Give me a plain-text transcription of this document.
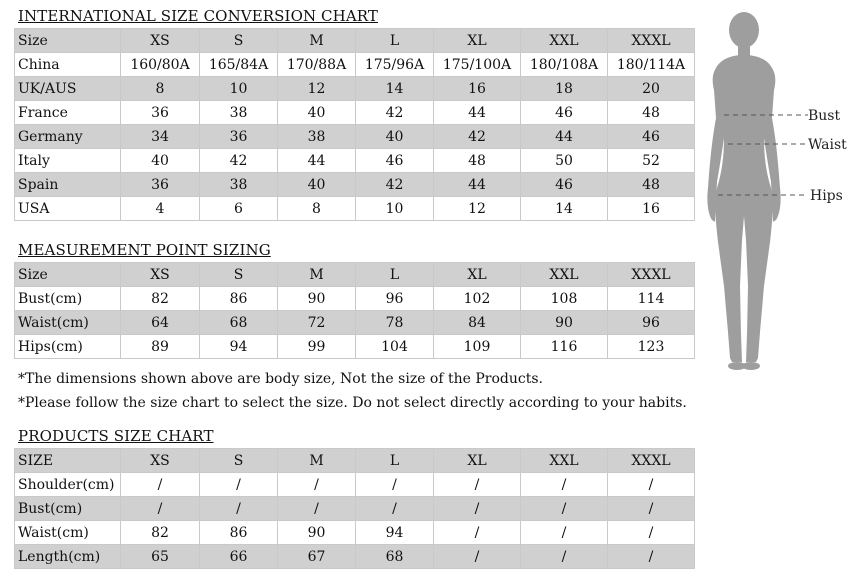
INTERNATIONAL SIZE CONVERSION CHART
Size	XS	S	M	L	XL	XXL	XXXL
China	160/80A	165/84A	170/88A	175/96A	175/100A	180/108A	180/114A
UK/AUS	8	10	12	14	16	18	20
France	36	38	40	42	44	46	48
Germany	34	36	38	40	42	44	46
Italy	40	42	44	46	48	50	52
Spain	36	38	40	42	44	46	48
USA	4	6	8	10	12	14	16
MEASUREMENT POINT SIZING
Size	XS	S	M	L	XL	XXL	XXXL
Bust(cm)	82	86	90	96	102	108	114
Waist(cm)	64	68	72	78	84	90	96
Hips(cm)	89	94	99	104	109	116	123
*The dimensions shown above are body size, Not the size of the Products.
*Please follow the size chart to select the size. Do not select directly according to your habits.
PRODUCTS SIZE CHART
SIZE	XS	S	M	L	XL	XXL	XXXL
Shoulder(cm)	/	/	/	/	/	/	/
Bust(cm)	/	/	/	/	/	/	/
Waist(cm)	82	86	90	94	/	/	/
Length(cm)	65	66	67	68	/	/	/
Bust
Waist
Hips
